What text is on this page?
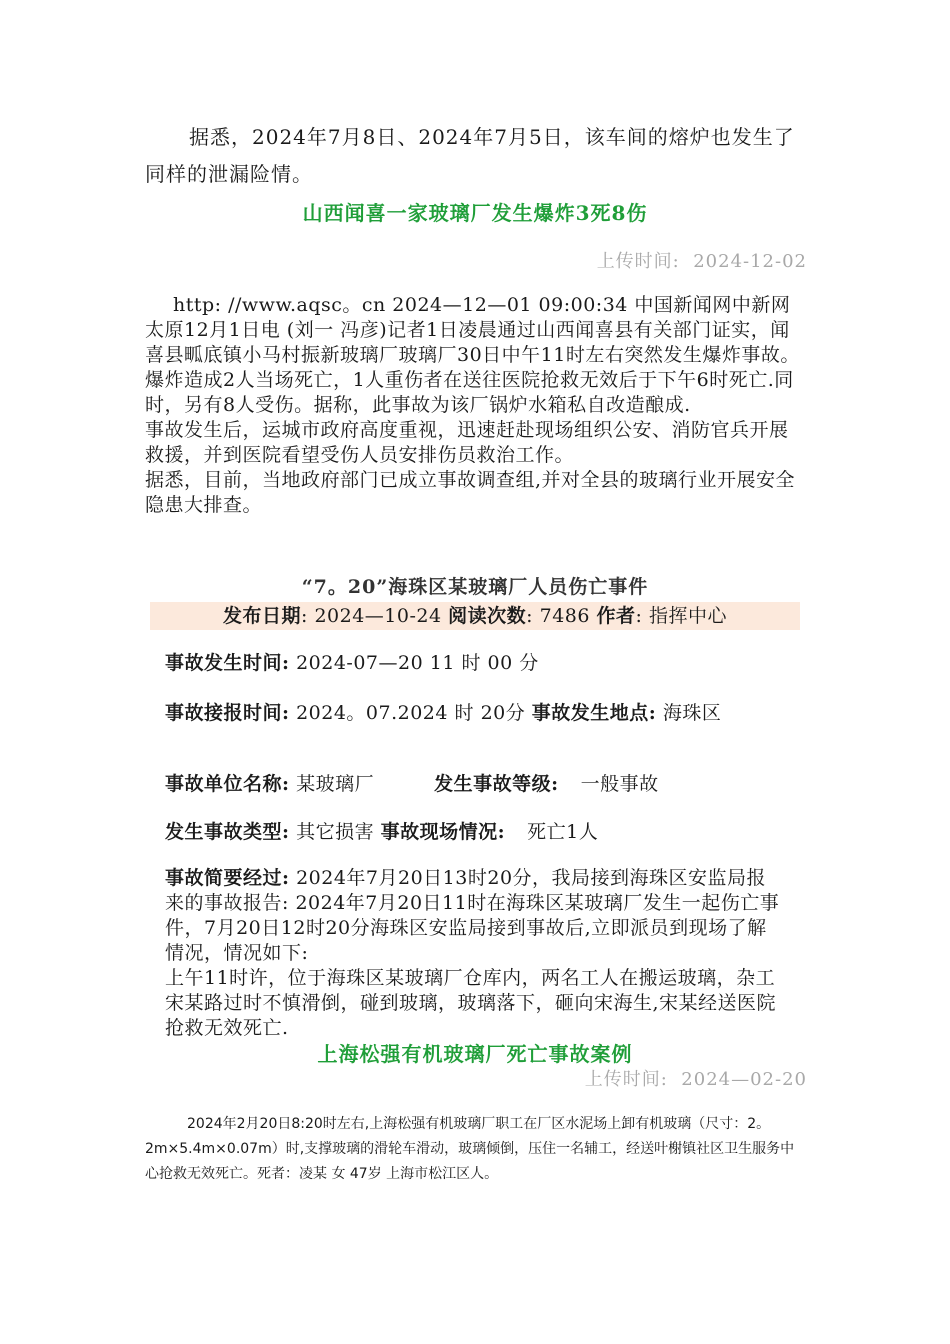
据悉，2024年7月8日、2024年7月5日，该车间的熔炉也发生了同样的泄漏险情。

山西闻喜一家玻璃厂发生爆炸3死8伤

上传时间: 2024-12-02

http: //www.aqsc。cn 2024—12—01 09:00:34 中国新闻网中新网太原12月1日电 (刘一 冯彦)记者1日凌晨通过山西闻喜县有关部门证实，闻喜县畖底镇小马村振新玻璃厂玻璃厂30日中午11时左右突然发生爆炸事故。爆炸造成2人当场死亡，1人重伤者在送往医院抢救无效后于下午6时死亡.同时，另有8人受伤。据称，此事故为该厂锅炉水箱私自改造酿成.

事故发生后，运城市政府高度重视，迅速赶赴现场组织公安、消防官兵开展救援，并到医院看望受伤人员安排伤员救治工作。

据悉，目前，当地政府部门已成立事故调查组,并对全县的玻璃行业开展安全隐患大排查。

“7。20”海珠区某玻璃厂人员伤亡事件
发布日期: 2024—10-24 阅读次数: 7486 作者: 指挥中心

事故发生时间: 2024-07—20 11 时 00 分

事故接报时间: 2024。07.2024 时 20分 事故发生地点: 海珠区

事故单位名称: 某玻璃厂	发生事故等级: 一般事故

发生事故类型: 其它损害 事故现场情况: 死亡1人

事故简要经过: 2024年7月20日13时20分，我局接到海珠区安监局报来的事故报告: 2024年7月20日11时在海珠区某玻璃厂发生一起伤亡事件，7月20日12时20分海珠区安监局接到事故后,立即派员到现场了解情况，情况如下:
上午11时许，位于海珠区某玻璃厂仓库内，两名工人在搬运玻璃，杂工宋某路过时不慎滑倒，碰到玻璃，玻璃落下，砸向宋海生,宋某经送医院抢救无效死亡.

上海松强有机玻璃厂死亡事故案例

上传时间: 2024—02-20

2024年2月20日8:20时左右,上海松强有机玻璃厂职工在厂区水泥场上卸有机玻璃（尺寸：2。2m×5.4m×0.07m）时,支撑玻璃的滑轮车滑动，玻璃倾倒，压住一名辅工，经送叶榭镇社区卫生服务中心抢救无效死亡。死者：凌某 女 47岁 上海市松江区人。
